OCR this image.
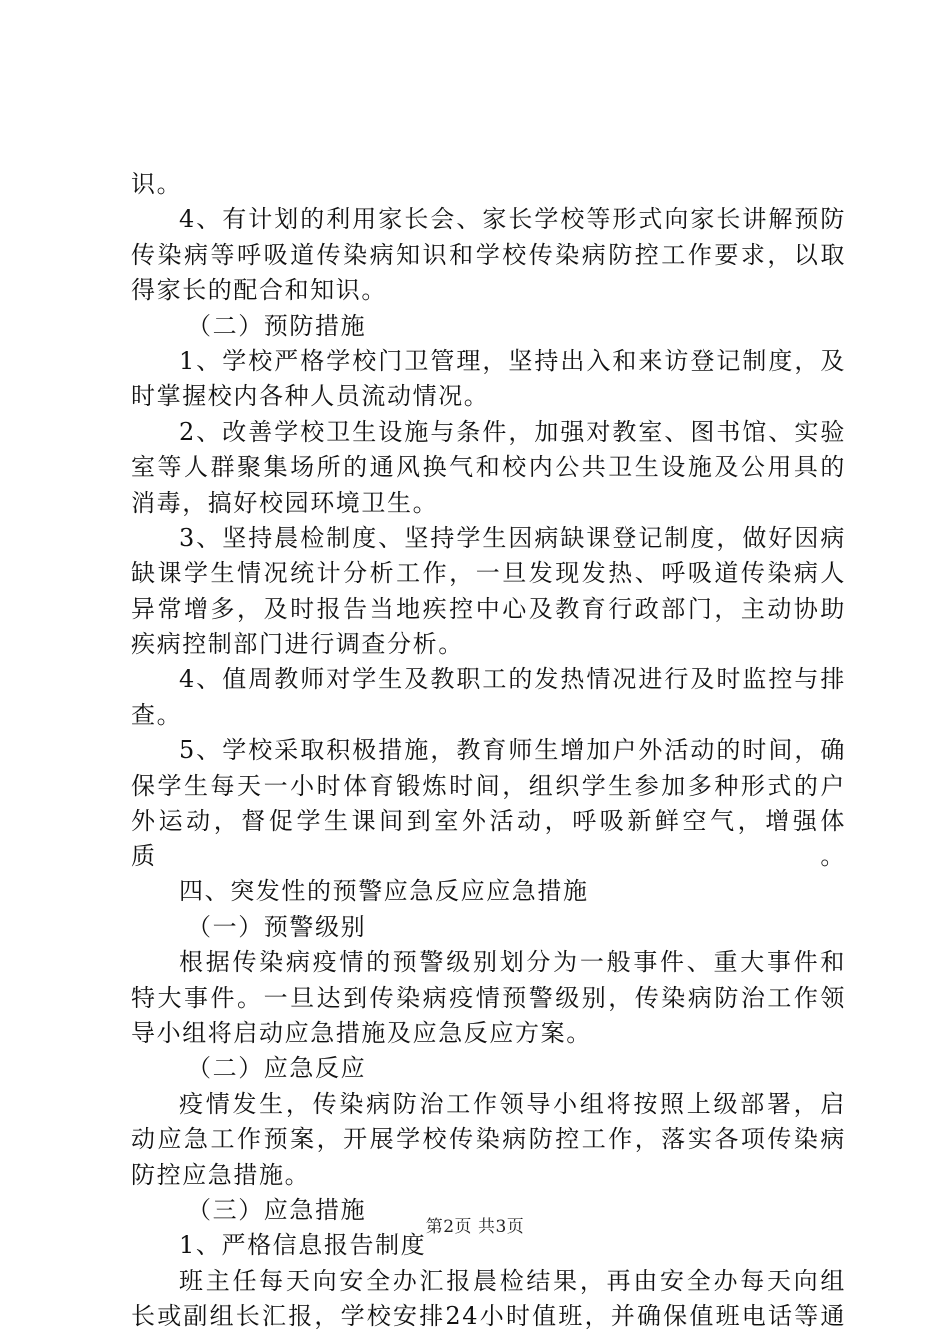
识。
4、有计划的利用家长会、家长学校等形式向家长讲解预防
传染病等呼吸道传染病知识和学校传染病防控工作要求，以取
得家长的配合和知识。
（二）预防措施
1、学校严格学校门卫管理，坚持出入和来访登记制度，及
时掌握校内各种人员流动情况。
2、改善学校卫生设施与条件，加强对教室、图书馆、实验
室等人群聚集场所的通风换气和校内公共卫生设施及公用具的
消毒，搞好校园环境卫生。
3、坚持晨检制度、坚持学生因病缺课登记制度，做好因病
缺课学生情况统计分析工作，一旦发现发热、呼吸道传染病人
异常增多，及时报告当地疾控中心及教育行政部门，主动协助
疾病控制部门进行调查分析。
4、值周教师对学生及教职工的发热情况进行及时监控与排
查。
5、学校采取积极措施，教育师生增加户外活动的时间，确
保学生每天一小时体育锻炼时间，组织学生参加多种形式的户
外运动，督促学生课间到室外活动，呼吸新鲜空气，增强体质。
四、突发性的预警应急反应应急措施
（一）预警级别
根据传染病疫情的预警级别划分为一般事件、重大事件和
特大事件。一旦达到传染病疫情预警级别，传染病防治工作领
导小组将启动应急措施及应急反应方案。
（二）应急反应
疫情发生，传染病防治工作领导小组将按照上级部署，启
动应急工作预案，开展学校传染病防控工作，落实各项传染病
防控应急措施。
（三）应急措施
1、严格信息报告制度
班主任每天向安全办汇报晨检结果，再由安全办每天向组
长或副组长汇报，学校安排24小时值班，并确保值班电话等通
第2页 共3页
